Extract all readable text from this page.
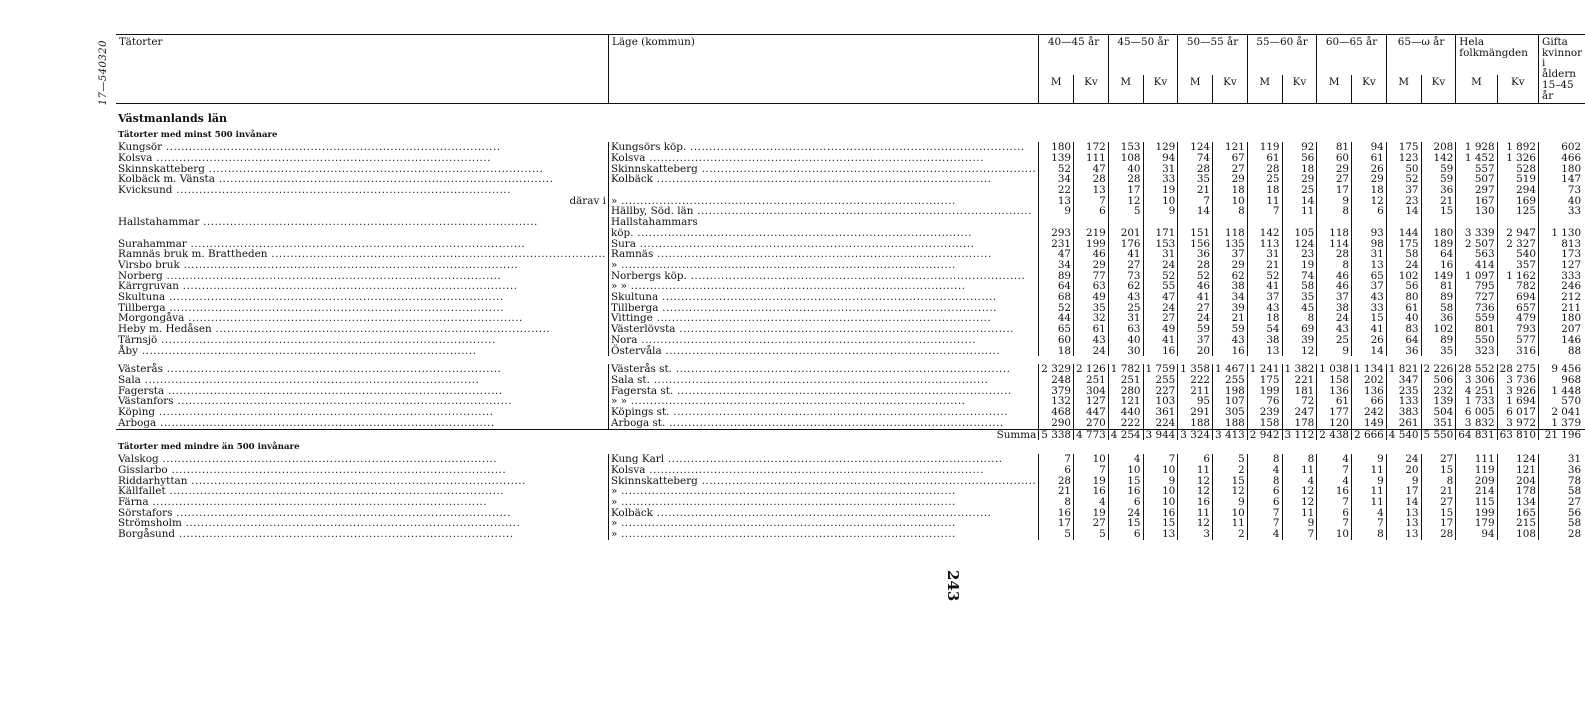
17—540320
243
Tätorter	Läge (kommun)	40—45 år		45—50 år		50—55 år		55—60 år		60—65 år		65—ω år		Hela folkmängden		Gifta kvinnor i åldern 15–45 år
		M	Kv	M	Kv	M	Kv	M	Kv	M	Kv	M	Kv	M	Kv	
Västmanlands län																
Tätorter med minst 500 invånare																
Kungsör .....	Kungsörs köp. .....	180	172	153	129	124	121	119	92	81	94	175	208	1 928	1 892	602
Kolsva .....	Kolsva .....	139	111	108	94	74	67	61	56	60	61	123	142	1 452	1 326	466
Skinnskatteberg .....	Skinnskatteberg .....	52	47	40	31	28	27	28	18	29	26	50	59	557	528	180
Kolbäck m. Vänsta .....	Kolbäck .....	34	28	28	33	35	29	25	29	27	29	52	59	507	519	147
Kvicksund .....		22	13	17	19	21	18	18	25	17	18	37	36	297	294	73
därav i	» .....	13	7	12	10	7	10	11	14	9	12	23	21	167	169	40
	Hällby, Söd. län .....	9	6	5	9	14	8	7	11	8	6	14	15	130	125	33
Hallstahammar .....	Hallstahammars															
	köp. .....	293	219	201	171	151	118	142	105	118	93	144	180	3 339	2 947	1 130
Surahammar .....	Sura .....	231	199	176	153	156	135	113	124	114	98	175	189	2 507	2 327	813
Ramnäs bruk m. Brattheden .....	Ramnäs .....	47	46	41	31	36	37	31	23	28	31	58	64	563	540	173
Virsbo bruk .....	» .....	34	29	27	24	28	29	21	19	8	13	24	16	414	357	127
Norberg .....	Norbergs köp. .....	89	77	73	52	52	62	52	74	46	65	102	149	1 097	1 162	333
Kärrgruvan .....	» » .....	64	63	62	55	46	38	41	58	46	37	56	81	795	782	246
Skultuna .....	Skultuna .....	68	49	43	47	41	34	37	35	37	43	80	89	727	694	212
Tillberga .....	Tillberga .....	52	35	25	24	27	39	43	45	38	33	61	58	736	657	211
Morgongåva .....	Vittinge .....	44	32	31	27	24	21	18	8	24	15	40	36	559	479	180
Heby m. Hedåsen .....	Västerlövsta .....	65	61	63	49	59	59	54	69	43	41	83	102	801	793	207
Tärnsjö .....	Nora .....	60	43	40	41	37	43	38	39	25	26	64	89	550	577	146
Åby .....	Östervåla .....	18	24	30	16	20	16	13	12	9	14	36	35	323	316	88

Västerås .....	Västerås st. .....	2 329	2 126	1 782	1 759	1 358	1 467	1 241	1 382	1 038	1 134	1 821	2 226	28 552	28 275	9 456
Sala .....	Sala st. .....	248	251	251	255	222	255	175	221	158	202	347	506	3 306	3 736	968
Fagersta .....	Fagersta st. .....	379	304	280	227	211	198	199	181	136	136	235	232	4 251	3 926	1 448
Västanfors .....	» » .....	132	127	121	103	95	107	76	72	61	66	133	139	1 733	1 694	570
Köping .....	Köpings st. .....	468	447	440	361	291	305	239	247	177	242	383	504	6 005	6 017	2 041
Arboga .....	Arboga st. .....	290	270	222	224	188	188	158	178	120	149	261	351	3 832	3 972	1 379
Summa		5 338	4 773	4 254	3 944	3 324	3 413	2 942	3 112	2 438	2 666	4 540	5 550	64 831	63 810	21 196
Tätorter med mindre än 500 invånare																
Valskog .....	Kung Karl .....	7	10	4	7	6	5	8	8	4	9	24	27	111	124	31
Gisslarbo .....	Kolsva .....	6	7	10	10	11	2	4	11	7	11	20	15	119	121	36
Riddarhyttan .....	Skinnskatteberg .....	28	19	15	9	12	15	8	4	4	9	9	8	209	204	78
Källfallet .....	» .....	21	16	16	10	12	12	6	12	16	11	17	21	214	178	58
Färna .....	» .....	8	4	6	10	16	9	6	12	7	11	14	27	115	134	27
Sörstafors .....	Kolbäck .....	16	19	24	16	11	10	7	11	6	4	13	15	199	165	56
Strömsholm .....	» .....	17	27	15	15	12	11	7	9	7	7	13	17	179	215	58
Borgåsund .....	» .....	5	5	6	13	3	2	4	7	10	8	13	28	94	108	28
